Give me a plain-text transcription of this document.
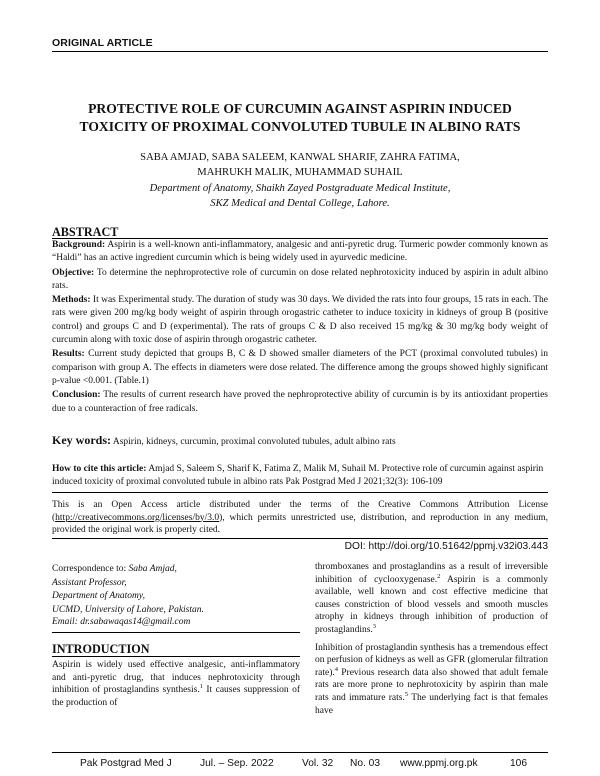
ORIGINAL ARTICLE
PROTECTIVE ROLE OF CURCUMIN AGAINST ASPIRIN INDUCED
TOXICITY OF PROXIMAL CONVOLUTED TUBULE IN ALBINO RATS
SABA AMJAD, SABA SALEEM, KANWAL SHARIF, ZAHRA FATIMA,
MAHRUKH MALIK, MUHAMMAD SUHAIL
Department of Anatomy, Shaikh Zayed Postgraduate Medical Institute,
SKZ Medical and Dental College, Lahore.
ABSTRACT

Background: Aspirin is a well-known anti-inflammatory, analgesic and anti-pyretic drug. Turmeric powder commonly known as “Haldi” has an active ingredient curcumin which is being widely used in ayurvedic medicine.

Objective: To determine the nephroprotective role of curcumin on dose related nephrotoxicity induced by aspirin in adult albino rats.

Methods: It was Experimental study. The duration of study was 30 days. We divided the rats into four groups, 15 rats in each. The rats were given 200 mg/kg body weight of aspirin through orogastric catheter to induce toxicity in kidneys of group B (positive control) and groups C and D (experimental). The rats of groups C & D also received 15 mg/kg & 30 mg/kg body weight of curcumin along with toxic dose of aspirin through orogastric catheter.

Results: Current study depicted that groups B, C & D showed smaller diameters of the PCT (proximal convoluted tubules) in comparison with group A. The effects in diameters were dose related. The difference among the groups showed highly significant p-value <0.001. (Table.1)

Conclusion: The results of current research have proved the nephroprotective ability of curcumin is by its antioxidant properties due to a counteraction of free radicals.

Key words: Aspirin, kidneys, curcumin, proximal convoluted tubules, adult albino rats
How to cite this article: Amjad S, Saleem S, Sharif K, Fatima Z, Malik M, Suhail M. Protective role of curcumin against aspirin induced toxicity of proximal convoluted tubule in albino rats Pak Postgrad Med J 2021;32(3): 106-109
This is an Open Access article distributed under the terms of the Creative Commons Attribution License (http://creativecommons.org/licenses/by/3.0), which permits unrestricted use, distribution, and reproduction in any medium, provided the original work is properly cited.
DOI: http://doi.org/10.51642/ppmj.v32i03.443
Correspondence to: Saba Amjad,
Assistant Professor,
Department of Anatomy,
UCMD, University of Lahore, Pakistan.
Email: dr.sabawaqas14@gmail.com
INTRODUCTION
Aspirin is widely used effective analgesic, anti-inflammatory and anti-pyretic drug, that induces nephrotoxicity through inhibition of prostaglandins synthesis.$^1$ It causes suppression of the production of

thromboxanes and prostaglandins as a result of irreversible inhibition of cyclooxygenase.$^2$ Aspirin is a commonly available, well known and cost effective medicine that causes constriction of blood vessels and smooth muscles atrophy in kidneys through inhibition of production of prostaglandins.$^3$

Inhibition of prostaglandin synthesis has a tremendous effect on perfusion of kidneys as well as GFR (glomerular filtration rate).$^4$ Previous research data also showed that adult female rats are more prone to nephrotoxicity by aspirin than male rats and immature rats.$^5$ The underlying fact is that females have

Pak Postgrad Med J	Jul. – Sep. 2022	Vol. 32 No. 03 www.ppmj.org.pk	106
